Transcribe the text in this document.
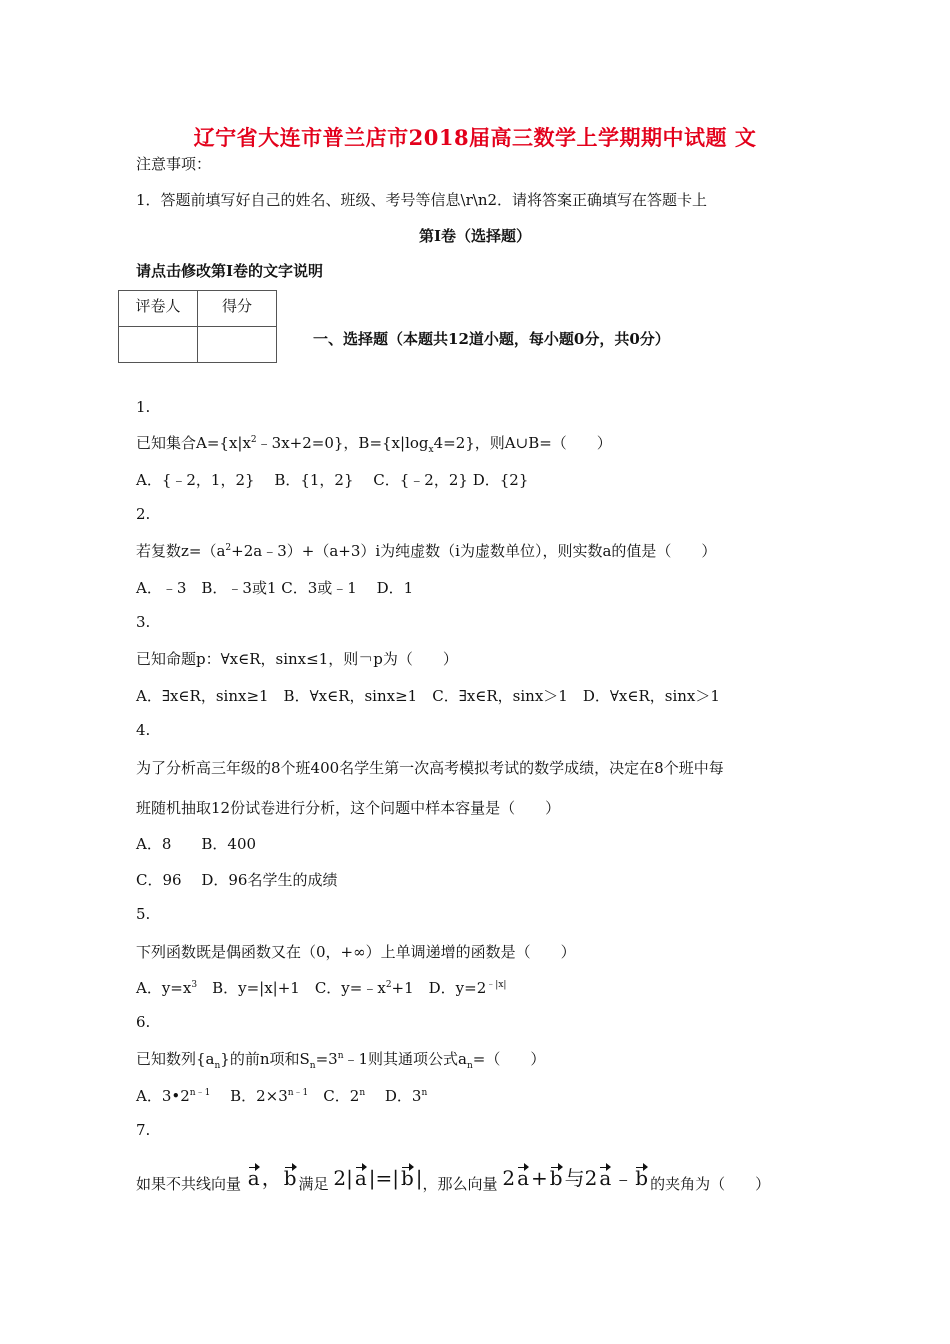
辽宁省大连市普兰店市2018届高三数学上学期期中试题 文
注意事项：
1．答题前填写好自己的姓名、班级、考号等信息\r\n2．请将答案正确填写在答题卡上
第I卷（选择题）
请点击修改第I卷的文字说明
评卷人	得分

一、选择题（本题共12道小题，每小题0分，共0分）
1.
已知集合$A=\{x|x^2﹣3x+2=0\}$，$B=\{x|\log_x4=2\}$，则A∪B=（　　）
A．{﹣2，1，2}　 B．{1，2}　 C．{﹣2，2} D．{2}
2.
若复数$z=(a^2+2a﹣3)+(a+3)i$为纯虚数（i为虚数单位），则实数a的值是（　　）
A．﹣3　B．﹣3或1 C．3或﹣1　 D．1
3.
已知命题p：∀x∈R，sinx≤1，则￢p为（　　）
A．∃x∈R，sinx≥1　B．∀x∈R，sinx≥1　C．∃x∈R，sinx＞1　D．∀x∈R，sinx＞1
4.
为了分析高三年级的8个班400名学生第一次高考模拟考试的数学成绩，决定在8个班中每
班随机抽取12份试卷进行分析，这个问题中样本容量是（　　）
A．8　　B．400
C．96　 D．96名学生的成绩
5.
下列函数既是偶函数又在（0，+∞）上单调递增的函数是（　　）
A．$y=x^3$　B．y=|x|+1　C．$y=﹣x^2+1$　D．$y=2^{﹣|x|}$
6.
已知数列$\{a_n\}$的前n项和$S_n=3^n﹣1$则其通项公式$a_n=$（　　）
A．$3•2^{n﹣1}$　 B．$2\times 3^{n﹣1}$　C．2$^n$　 D．3$^n$
7.
如果不共线向量 a ， b 满足 2| a |=| b |，那么向量 2 a + b 与2 a ﹣ b 的夹角为（　　）
